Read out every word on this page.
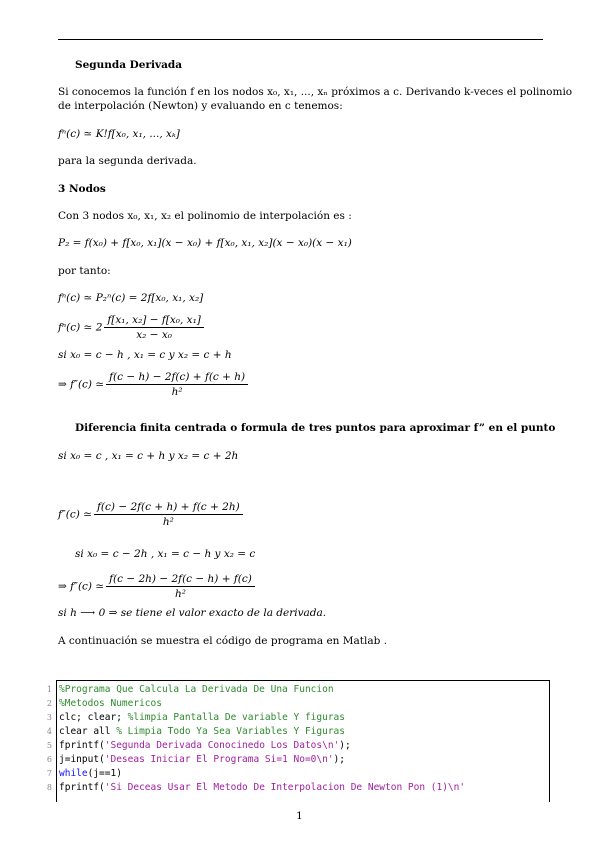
Segunda Derivada
Si conocemos la función f en los nodos x₀, x₁, ..., xₙ próximos a c. Derivando k-veces el polinomio
de interpolación (Newton) y evaluando en c tenemos:
fⁿ(c) ≃ K!f[x₀, x₁, ..., xₖ]
para la segunda derivada.
3 Nodos
Con 3 nodos x₀, x₁, x₂ el polinomio de interpolación es :
P₂ = f(x₀) + f[x₀, x₁](x − x₀) + f[x₀, x₁, x₂](x − x₀)(x − x₁)
por tanto:
fⁿ(c) ≃ P₂ⁿ(c) = 2f[x₀, x₁, x₂]
fⁿ(c) ≃ $2 \frac{\text{f[x₁, x₂] − f[x₀, x₁]}}{\text{x₂ − x₀}}$
si x₀ = c − h , x₁ = c y x₂ = c + h
⇒ f″(c) ≃ $\frac{f(c - h) - 2f(c) + f(c + h)}{\text{h²}}$
Diferencia finita centrada o formula de tres puntos para aproximar f” en el punto
si x₀ = c , x₁ = c + h y x₂ = c + 2h
f″(c) ≃ $\frac{f(c) - 2f(c + h) + f(c + 2h)}{\text{h²}}$
si x₀ = c − 2h , x₁ = c − h y x₂ = c
⇒ f″(c) ≃ $\frac{f(c - 2h) - 2f(c - h) + f(c)}{\text{h²}}$
si h ⟶ 0 ⇒ se tiene el valor exacto de la derivada.
A continuación se muestra el código de programa en Matlab .
1
2
3
4
5
6
7
8
%Programa Que Calcula La Derivada De Una Funcion
%Metodos Numericos
clc; clear; %limpia Pantalla De variable Y figuras
clear all % Limpia Todo Ya Sea Variables Y Figuras
fprintf('Segunda Derivada Conocinedo Los Datos\n');
j=input('Deseas Iniciar El Programa Si=1 No=0\n');
while(j==1)
fprintf('Si Deceas Usar El Metodo De Interpolacion De Newton Pon (1)\n'
1
